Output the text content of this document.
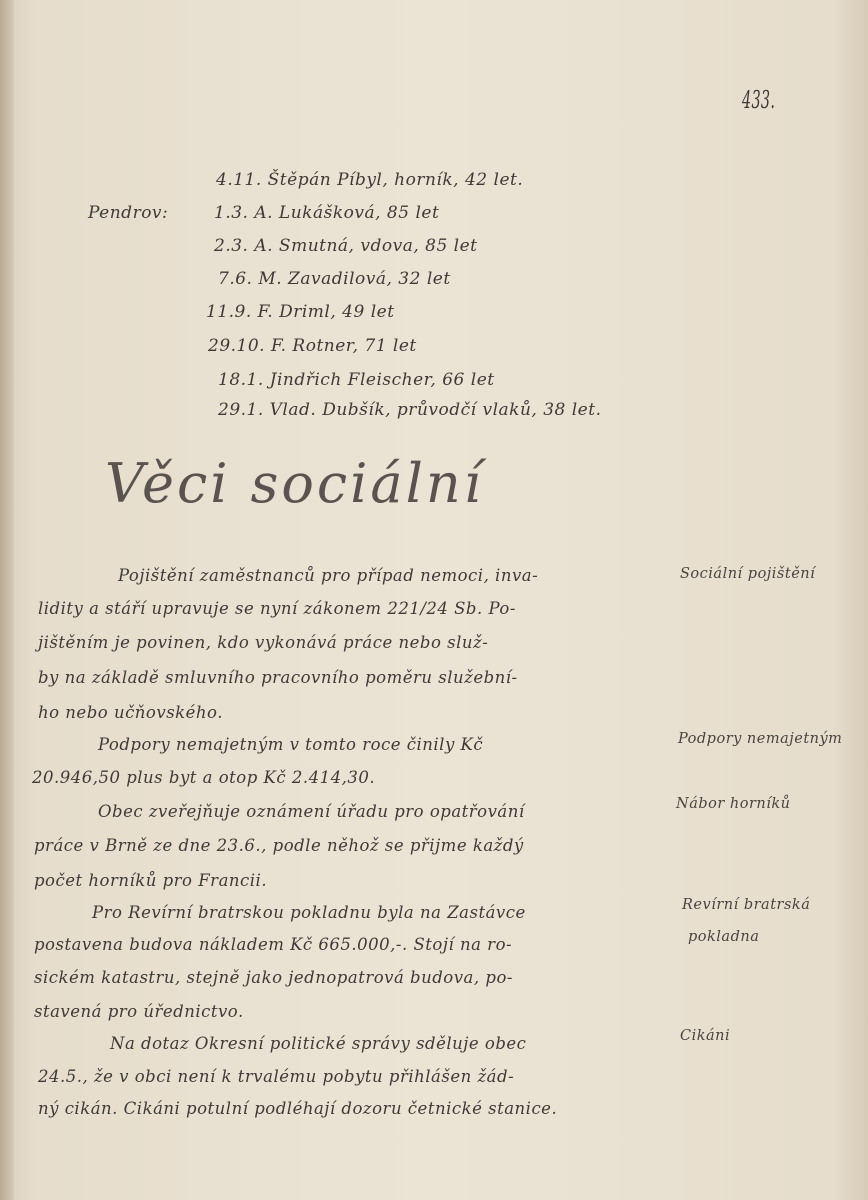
433.
4.11. Štěpán Píbyl, horník, 42 let.
Pendrov:	1.3. A. Lukášková, 85 let
2.3. A. Smutná, vdova, 85 let
7.6. M. Zavadilová, 32 let
11.9. F. Driml, 49 let
29.10. F. Rotner, 71 let
18.1. Jindřich Fleischer, 66 let
29.1. Vlad. Dubšík, průvodčí vlaků, 38 let.
Věci sociální
Pojištění zaměstnanců pro případ nemoci, inva-
lidity a stáří upravuje se nyní zákonem 221/24 Sb. Po-
jištěním je povinen, kdo vykonává práce nebo služ-
by na základě smluvního pracovního poměru služební-
ho nebo učňovského.
Sociální pojištění
Podpory nemajetným v tomto roce činily Kč
20.946,50 plus byt a otop Kč 2.414,30.
Podpory nemajetným
Obec zveřejňuje oznámení úřadu pro opatřování
práce v Brně ze dne 23.6., podle něhož se přijme každý
počet horníků pro Francii.
Nábor horníků
Pro Revírní bratrskou pokladnu byla na Zastávce
postavena budova nákladem Kč 665.000,-. Stojí na ro-
sickém katastru, stejně jako jednopatrová budova, po-
stavená pro úřednictvo.
Revírní bratrská
pokladna
Na dotaz Okresní politické správy sděluje obec
24.5., že v obci není k trvalému pobytu přihlášen žád-
ný cikán. Cikáni potulní podléhají dozoru četnické stanice.
Cikáni
